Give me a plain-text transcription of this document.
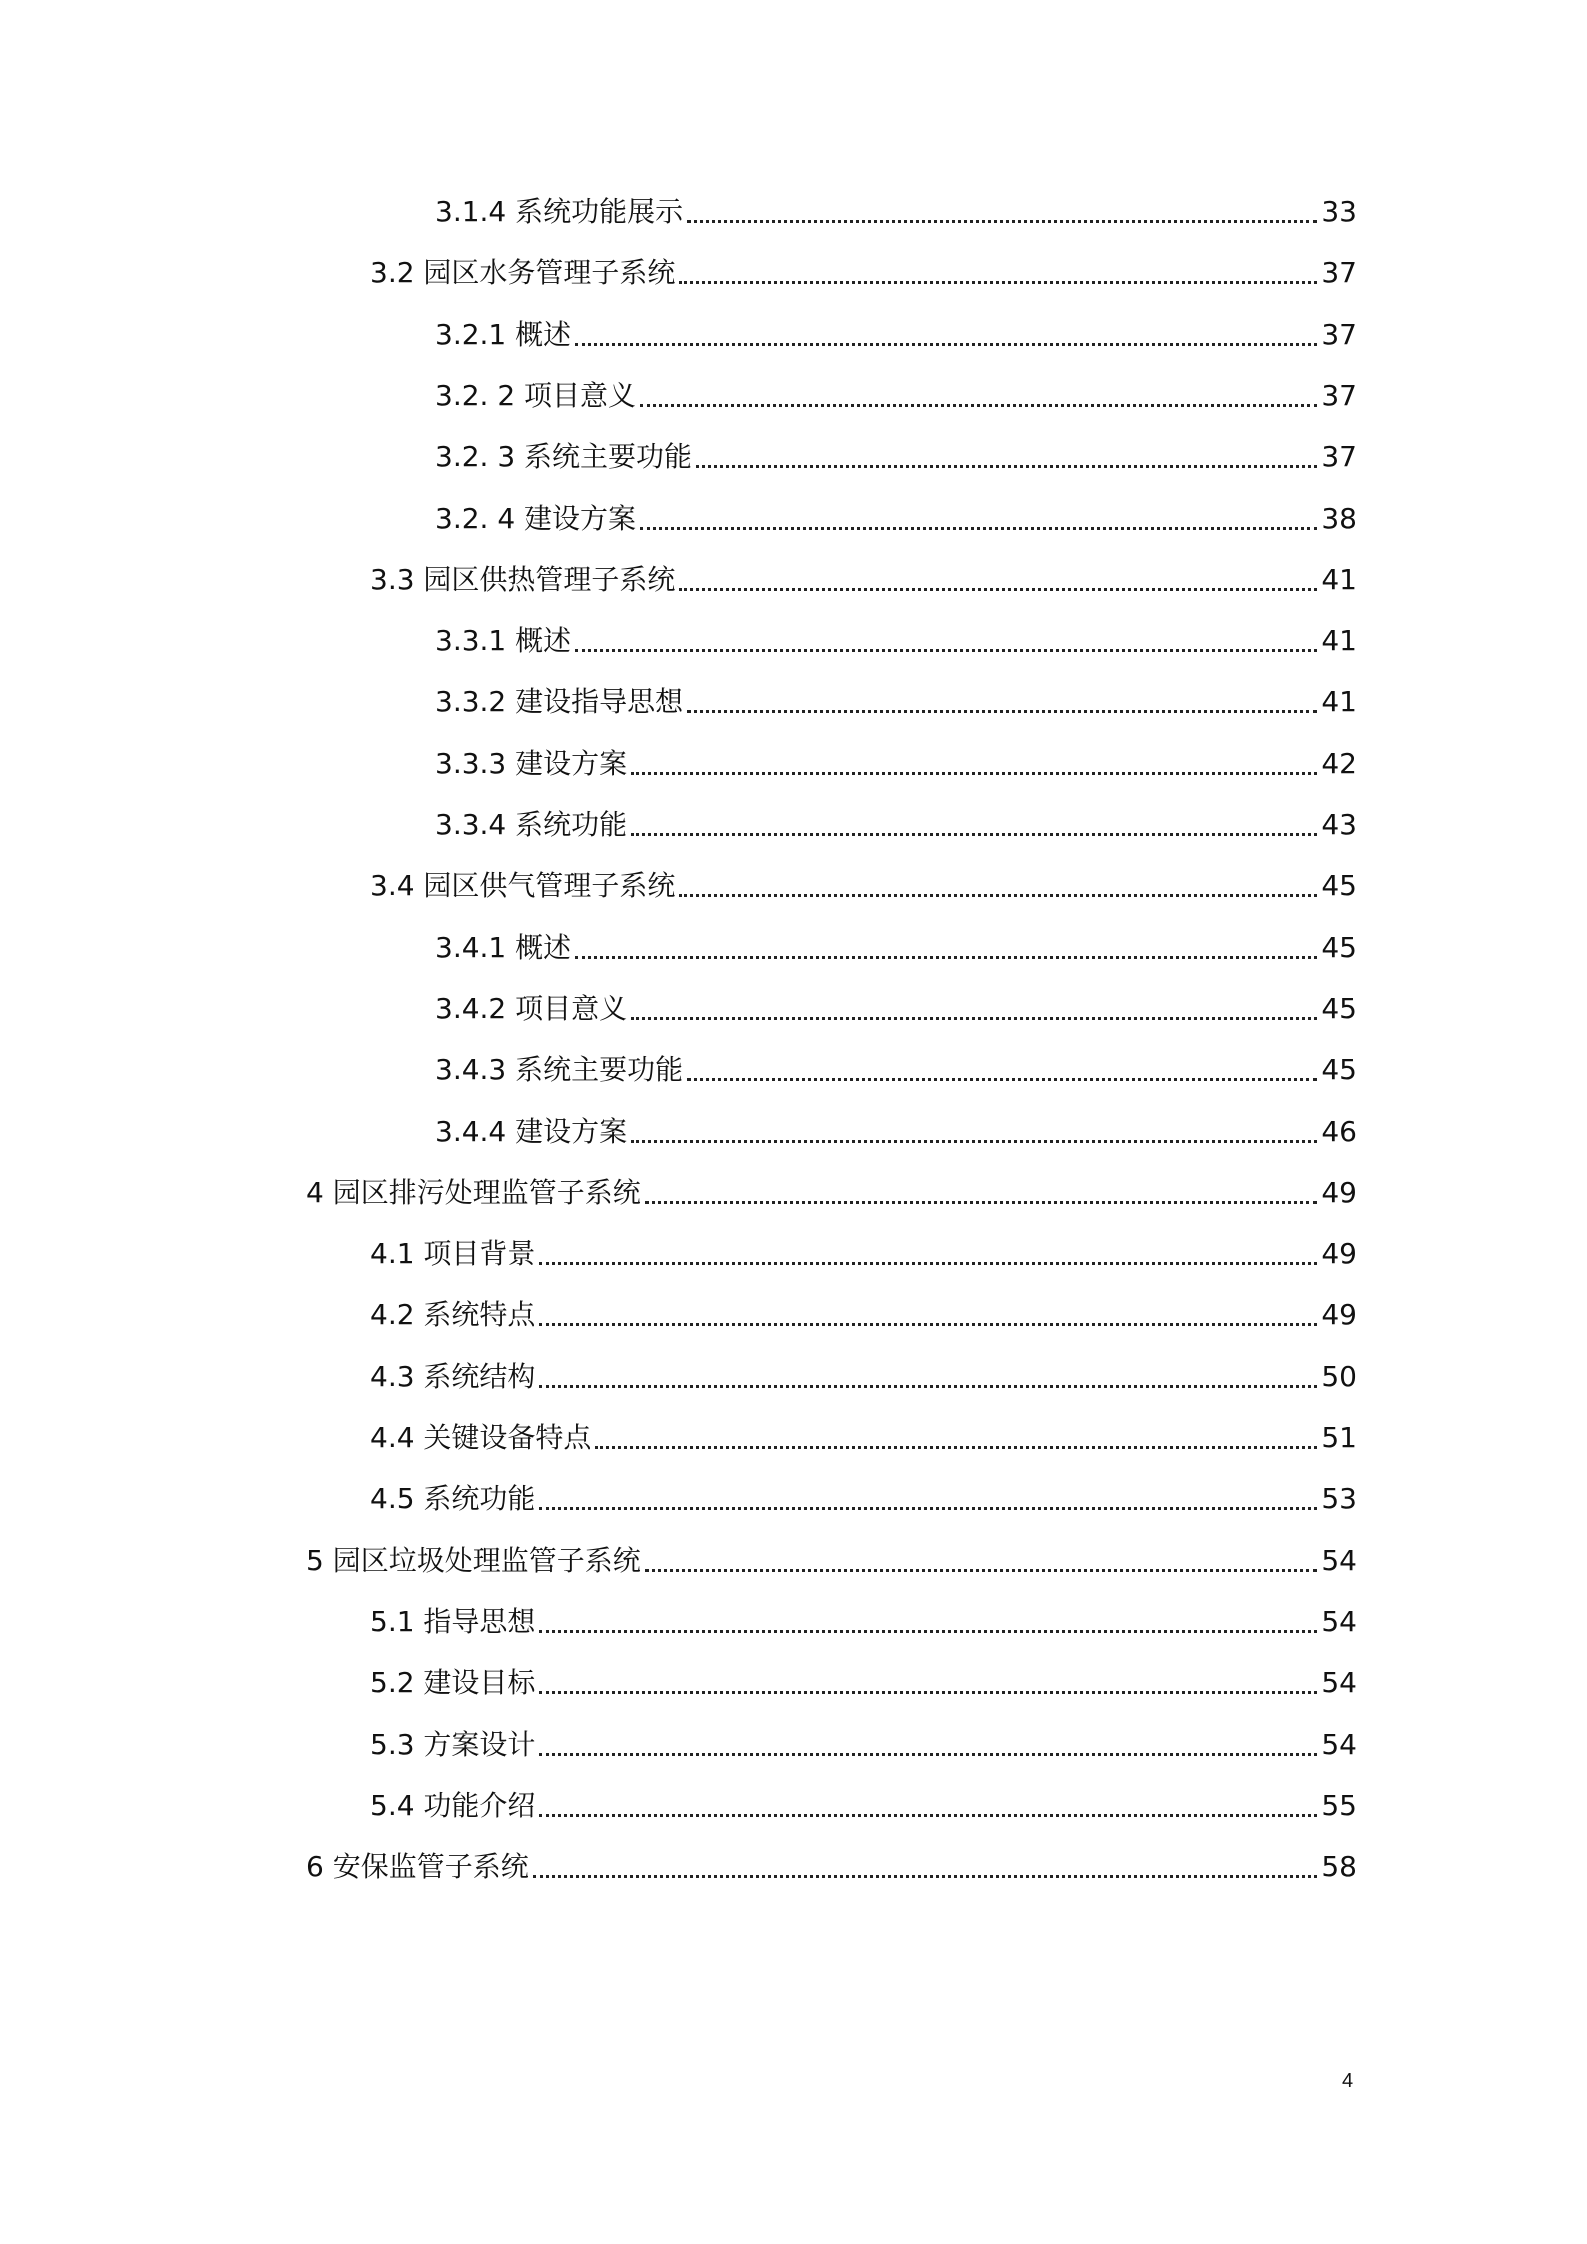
3.1.4 系统功能展示	33
3.2 园区水务管理子系统	37
3.2.1 概述	37
3.2. 2 项目意义	37
3.2. 3 系统主要功能	37
3.2. 4 建设方案	38
3.3 园区供热管理子系统	41
3.3.1 概述	41
3.3.2 建设指导思想	41
3.3.3 建设方案	42
3.3.4 系统功能	43
3.4 园区供气管理子系统	45
3.4.1 概述	45
3.4.2 项目意义	45
3.4.3 系统主要功能	45
3.4.4 建设方案	46
4 园区排污处理监管子系统	49
4.1 项目背景	49
4.2 系统特点	49
4.3 系统结构	50
4.4 关键设备特点	51
4.5 系统功能	53
5 园区垃圾处理监管子系统	54
5.1 指导思想	54
5.2 建设目标	54
5.3 方案设计	54
5.4 功能介绍	55
6 安保监管子系统	58
4
